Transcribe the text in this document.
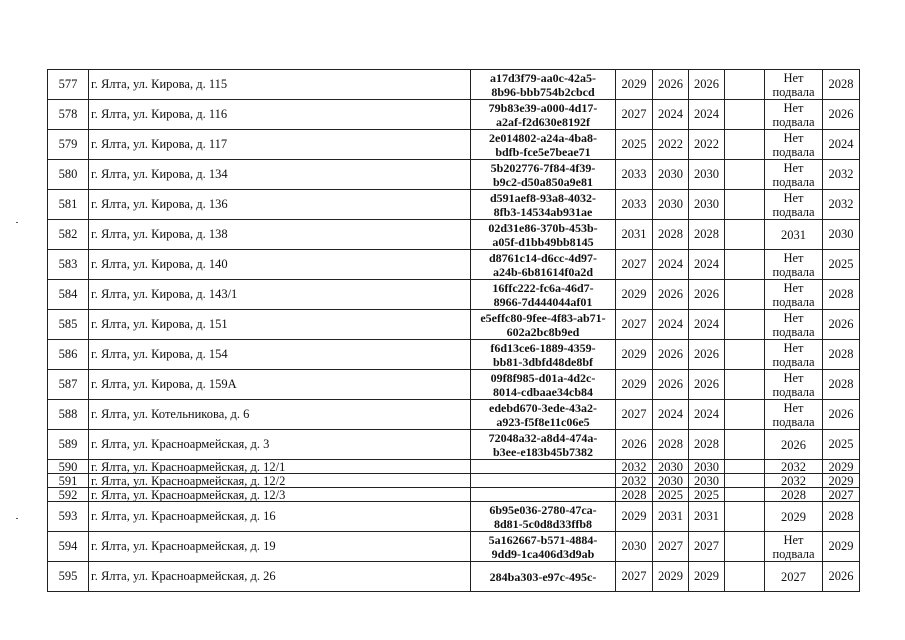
577	г. Ялта, ул. Кирова, д. 115	a17d3f79-aa0c-42a5-
8b96-bbb754b2cbcd	2029	2026	2026		Нет
подвала	2028
578	г. Ялта, ул. Кирова, д. 116	79b83e39-a000-4d17-
a2af-f2d630e8192f	2027	2024	2024		Нет
подвала	2026
579	г. Ялта, ул. Кирова, д. 117	2e014802-a24a-4ba8-
bdfb-fce5e7beae71	2025	2022	2022		Нет
подвала	2024
580	г. Ялта, ул. Кирова, д. 134	5b202776-7f84-4f39-
b9c2-d50a850a9e81	2033	2030	2030		Нет
подвала	2032
581	г. Ялта, ул. Кирова, д. 136	d591aef8-93a8-4032-
8fb3-14534ab931ae	2033	2030	2030		Нет
подвала	2032
582	г. Ялта, ул. Кирова, д. 138	02d31e86-370b-453b-
a05f-d1bb49bb8145	2031	2028	2028		2031	2030
583	г. Ялта, ул. Кирова, д. 140	d8761c14-d6cc-4d97-
a24b-6b81614f0a2d	2027	2024	2024		Нет
подвала	2025
584	г. Ялта, ул. Кирова, д. 143/1	16ffc222-fc6a-46d7-
8966-7d444044af01	2029	2026	2026		Нет
подвала	2028
585	г. Ялта, ул. Кирова, д. 151	e5effc80-9fee-4f83-ab71-
602a2bc8b9ed	2027	2024	2024		Нет
подвала	2026
586	г. Ялта, ул. Кирова, д. 154	f6d13ce6-1889-4359-
bb81-3dbfd48de8bf	2029	2026	2026		Нет
подвала	2028
587	г. Ялта, ул. Кирова, д. 159А	09f8f985-d01a-4d2c-
8014-cdbaae34cb84	2029	2026	2026		Нет
подвала	2028
588	г. Ялта, ул. Котельникова, д. 6	edebd670-3ede-43a2-
a923-f5f8e11c06e5	2027	2024	2024		Нет
подвала	2026
589	г. Ялта, ул. Красноармейская, д. 3	72048a32-a8d4-474a-
b3ee-e183b45b7382	2026	2028	2028		2026	2025
590	г. Ялта, ул. Красноармейская, д. 12/1		2032	2030	2030		2032	2029
591	г. Ялта, ул. Красноармейская, д. 12/2		2032	2030	2030		2032	2029
592	г. Ялта, ул. Красноармейская, д. 12/3		2028	2025	2025		2028	2027
593	г. Ялта, ул. Красноармейская, д. 16	6b95e036-2780-47ca-
8d81-5c0d8d33ffb8	2029	2031	2031		2029	2028
594	г. Ялта, ул. Красноармейская, д. 19	5a162667-b571-4884-
9dd9-1ca406d3d9ab	2030	2027	2027		Нет
подвала	2029
595	г. Ялта, ул. Красноармейская, д. 26	284ba303-e97c-495c-	2027	2029	2029		2027	2026
